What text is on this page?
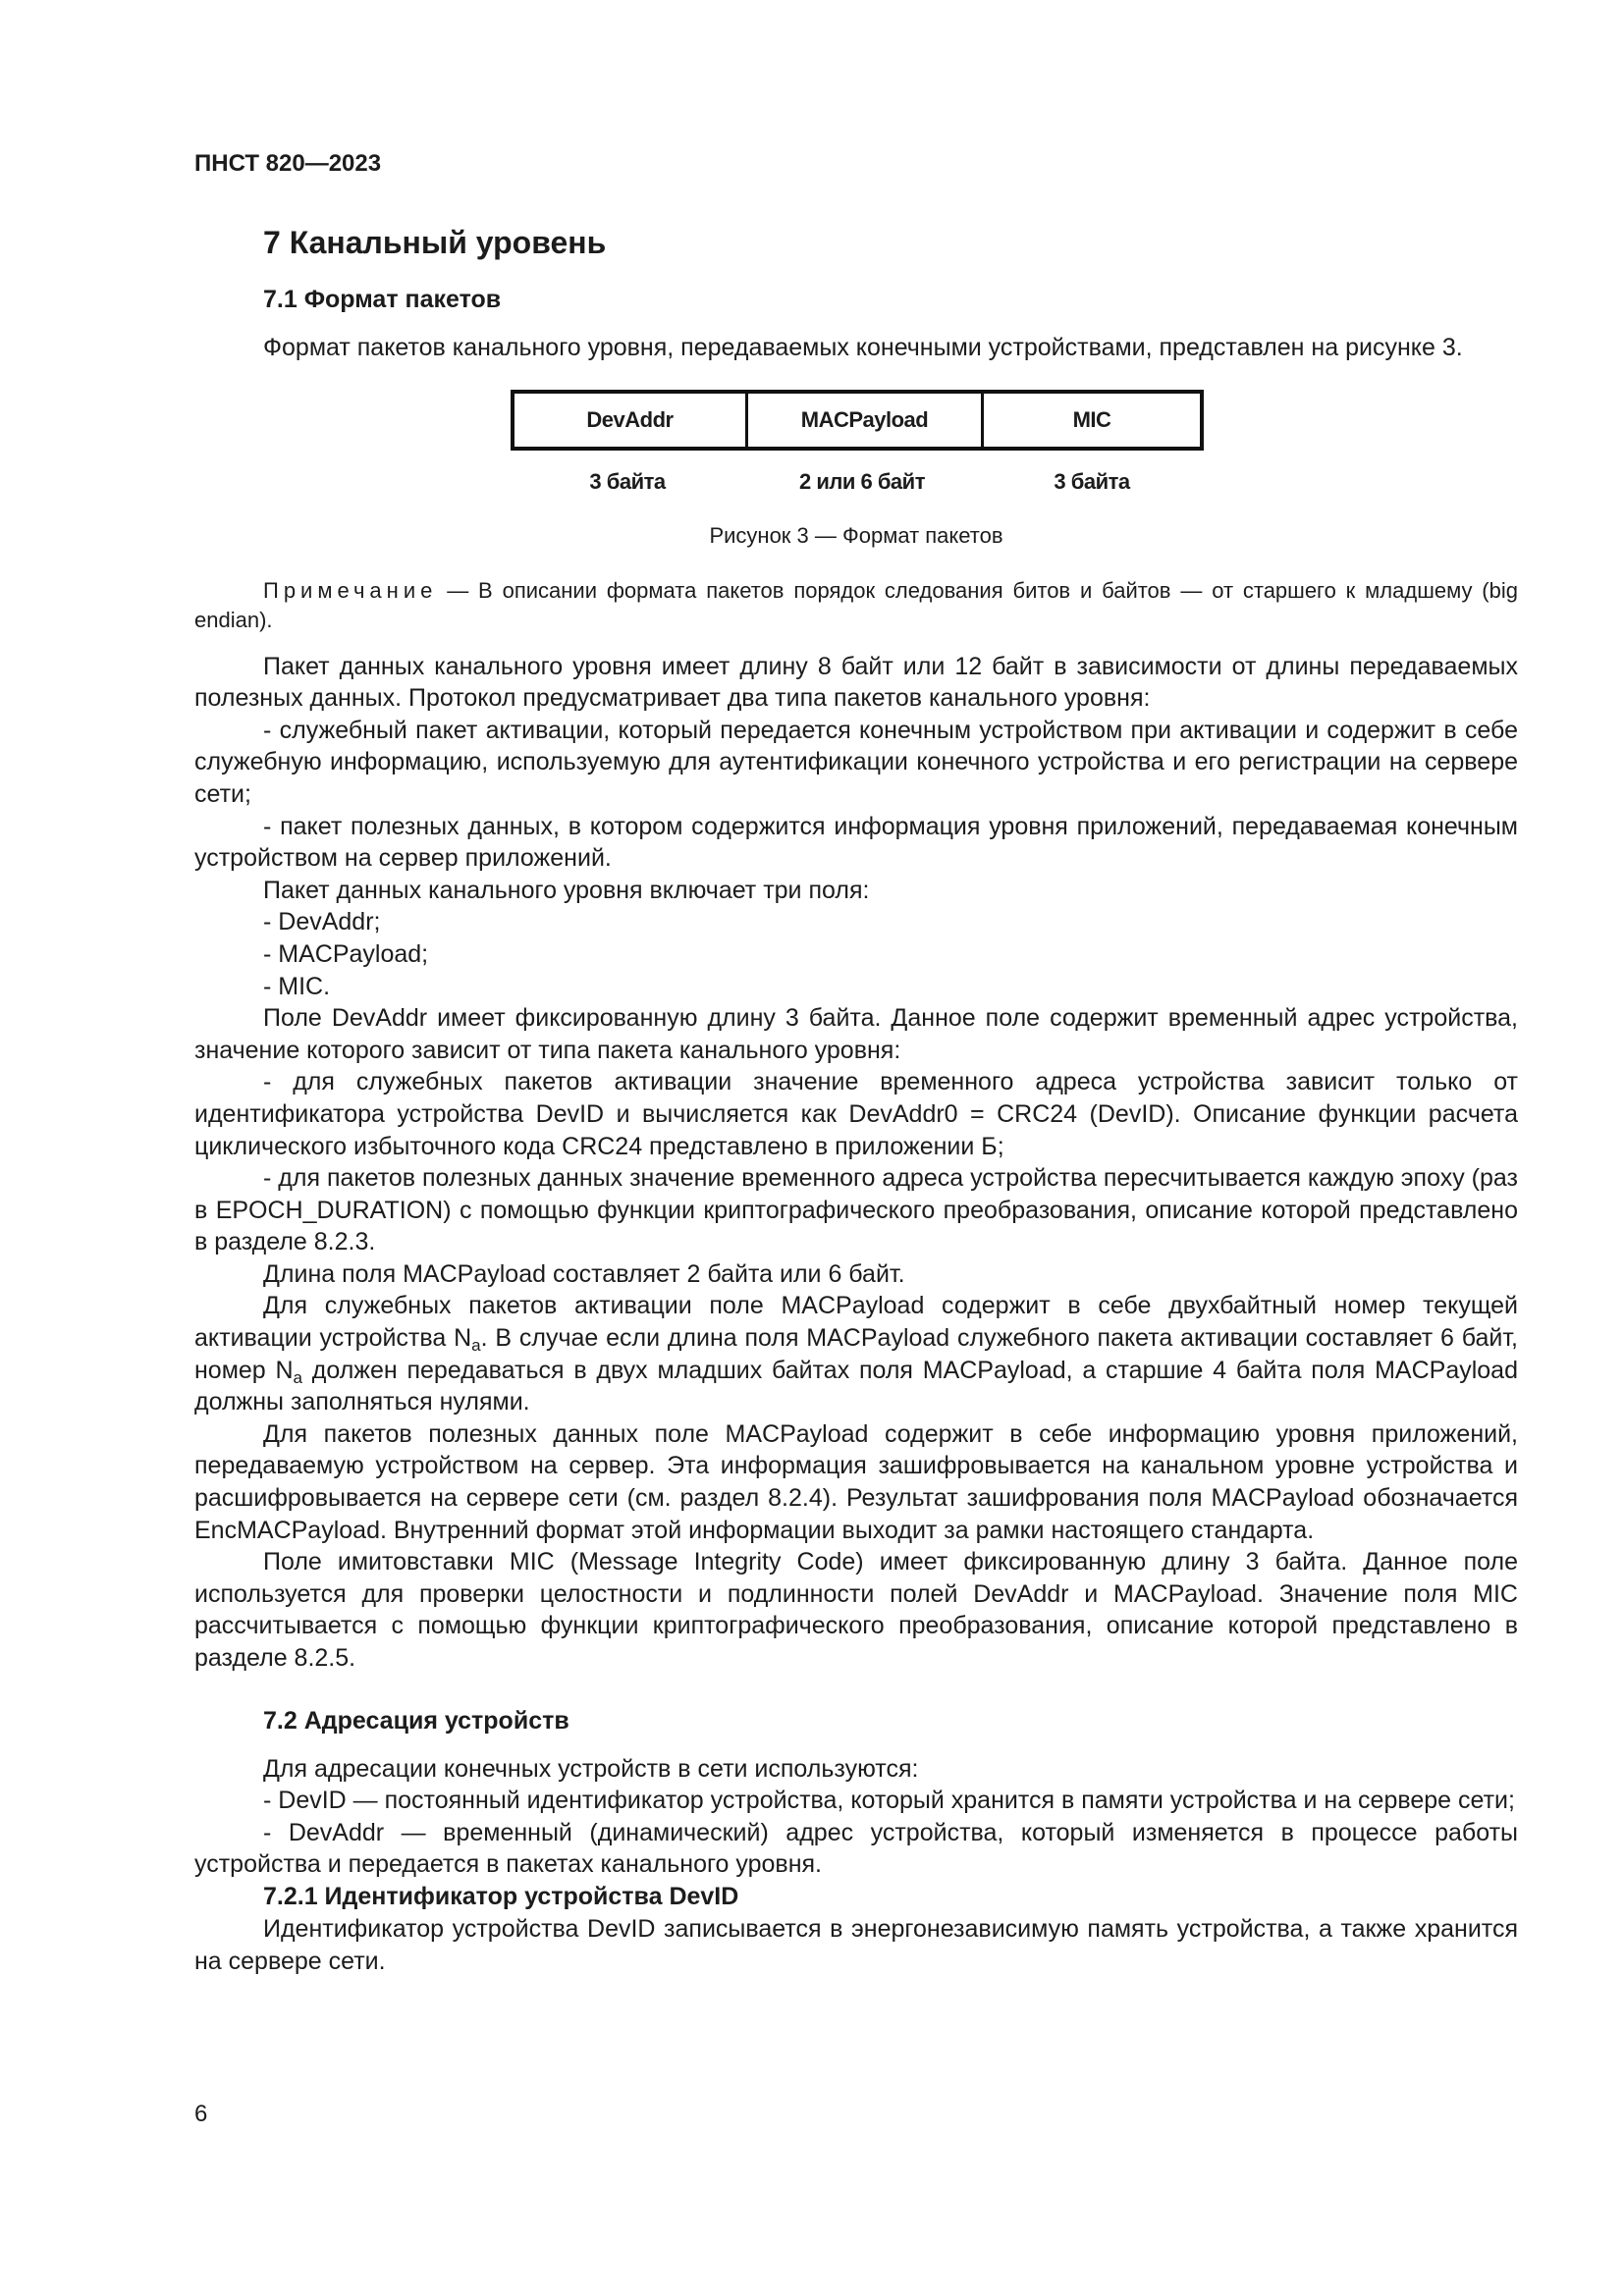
ПНСТ 820—2023
7 Канальный уровень
7.1 Формат пакетов

Формат пакетов канального уровня, передаваемых конечными устройствами, представлен на рисунке 3.

DevAddr	MACPayload	MIC
3 байта	2 или 6 байт	3 байта
Рисунок 3 — Формат пакетов
Примечание — В описании формата пакетов порядок следования битов и байтов — от старшего к младшему (big endian).

Пакет данных канального уровня имеет длину 8 байт или 12 байт в зависимости от длины передаваемых полезных данных. Протокол предусматривает два типа пакетов канального уровня:

- служебный пакет активации, который передается конечным устройством при активации и содержит в себе служебную информацию, используемую для аутентификации конечного устройства и его регистрации на сервере сети;

- пакет полезных данных, в котором содержится информация уровня приложений, передаваемая конечным устройством на сервер приложений.

Пакет данных канального уровня включает три поля:

- DevAddr;

- MACPayload;

- MIC.

Поле DevAddr имеет фиксированную длину 3 байта. Данное поле содержит временный адрес устройства, значение которого зависит от типа пакета канального уровня:

- для служебных пакетов активации значение временного адреса устройства зависит только от идентификатора устройства DevID и вычисляется как DevAddr0 = CRC24 (DevID). Описание функции расчета циклического избыточного кода CRC24 представлено в приложении Б;

- для пакетов полезных данных значение временного адреса устройства пересчитывается каждую эпоху (раз в EPOCH_DURATION) с помощью функции криптографического преобразования, описание которой представлено в разделе 8.2.3.

Длина поля MACPayload составляет 2 байта или 6 байт.

Для служебных пакетов активации поле MACPayload содержит в себе двухбайтный номер текущей активации устройства $N_a$. В случае если длина поля MACPayload служебного пакета активации составляет 6 байт, номер $N_a$ должен передаваться в двух младших байтах поля MACPayload, а старшие 4 байта поля MACPayload должны заполняться нулями.

Для пакетов полезных данных поле MACPayload содержит в себе информацию уровня приложений, передаваемую устройством на сервер. Эта информация зашифровывается на канальном уровне устройства и расшифровывается на сервере сети (см. раздел 8.2.4). Результат зашифрования поля MACPayload обозначается EncMACPayload. Внутренний формат этой информации выходит за рамки настоящего стандарта.

Поле имитовставки MIC (Message Integrity Code) имеет фиксированную длину 3 байта. Данное поле используется для проверки целостности и подлинности полей DevAddr и MACPayload. Значение поля MIC рассчитывается с помощью функции криптографического преобразования, описание которой представлено в разделе 8.2.5.

7.2 Адресация устройств

Для адресации конечных устройств в сети используются:

- DevID — постоянный идентификатор устройства, который хранится в памяти устройства и на сервере сети;

- DevAddr — временный (динамический) адрес устройства, который изменяется в процессе работы устройства и передается в пакетах канального уровня.

7.2.1 Идентификатор устройства DevID

Идентификатор устройства DevID записывается в энергонезависимую память устройства, а также хранится на сервере сети.

6
